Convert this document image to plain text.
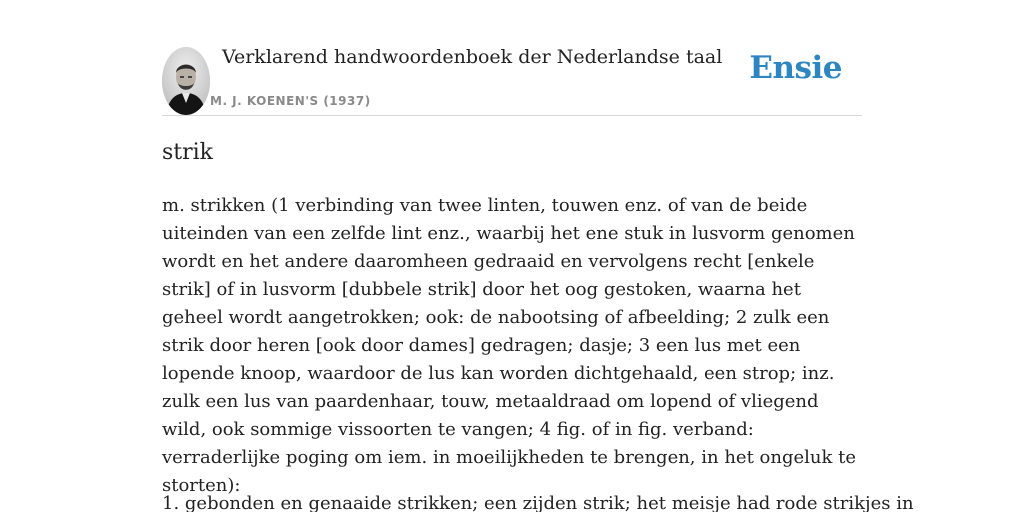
Verklarend handwoordenboek der Nederlandse taal
M. J. KOENEN'S (1937)
Ensie
strik

m. strikken (1 verbinding van twee linten, touwen enz. of van de beide uiteinden van een zelfde lint enz., waarbij het ene stuk in lusvorm genomen wordt en het andere daaromheen gedraaid en vervolgens recht [enkele strik] of in lusvorm [dubbele strik] door het oog gestoken, waarna het geheel wordt aangetrokken; ook: de nabootsing of afbeelding; 2 zulk een strik door heren [ook door dames] gedragen; dasje; 3 een lus met een lopende knoop, waardoor de lus kan worden dichtgehaald, een strop; inz. zulk een lus van paardenhaar, touw, metaaldraad om lopend of vliegend wild, ook sommige vissoorten te vangen; 4 fig. of in fig. verband: verraderlijke poging om iem. in moeilijkheden te brengen, in het ongeluk te storten):

1. gebonden en genaaide strikken; een zijden strik; het meisje had rode strikjes in
